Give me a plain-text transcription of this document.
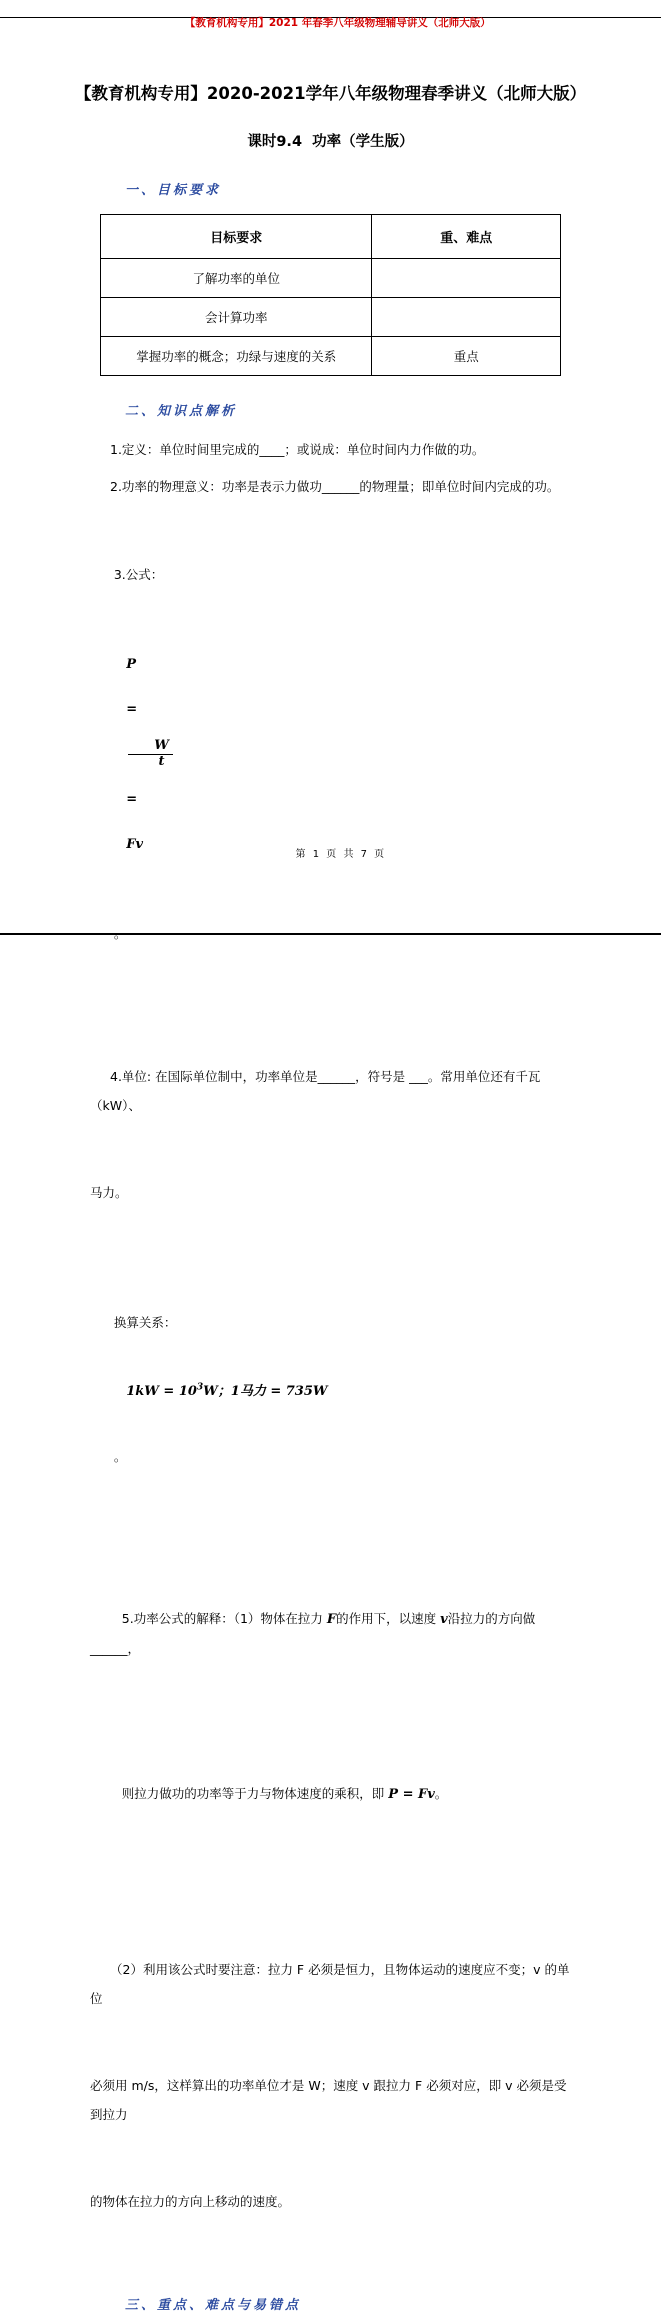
【教育机构专用】2021 年春季八年级物理辅导讲义（北师大版）

【教育机构专用】2020-2021学年八年级物理春季讲义（北师大版）
课时9.4  功率（学生版）
一、目标要求
目标要求	重、难点
了解功率的单位	
会计算功率	
掌握功率的概念；功绿与速度的关系	重点
二、知识点解析

1.定义：单位时间里完成的____；或说成：单位时间内力作做的功。

2.功率的物理意义：功率是表示力做功______的物理量；即单位时间内完成的功。

3.公式：

P
=

$\frac{W}{t}$

=
Fv

。

4.单位: 在国际单位制中，功率单位是______，符号是 ___。常用单位还有千瓦（kW）、

马力。

换算关系：

$1kW = 10^3W$；1马力 = 735W

。

5.功率公式的解释：（1）物体在拉力 F的作用下，以速度 v沿拉力的方向做______，

则拉力做功的功率等于力与物体速度的乘积，即 P = Fv。

（2）利用该公式时要注意：拉力 F 必须是恒力，且物体运动的速度应不变；v 的单位

必须用 m/s，这样算出的功率单位才是 W；速度 v 跟拉力 F 必须对应，即 v 必须是受到拉力

的物体在拉力的方向上移动的速度。

三、重点、难点与易错点

第 1 页 共 7 页
